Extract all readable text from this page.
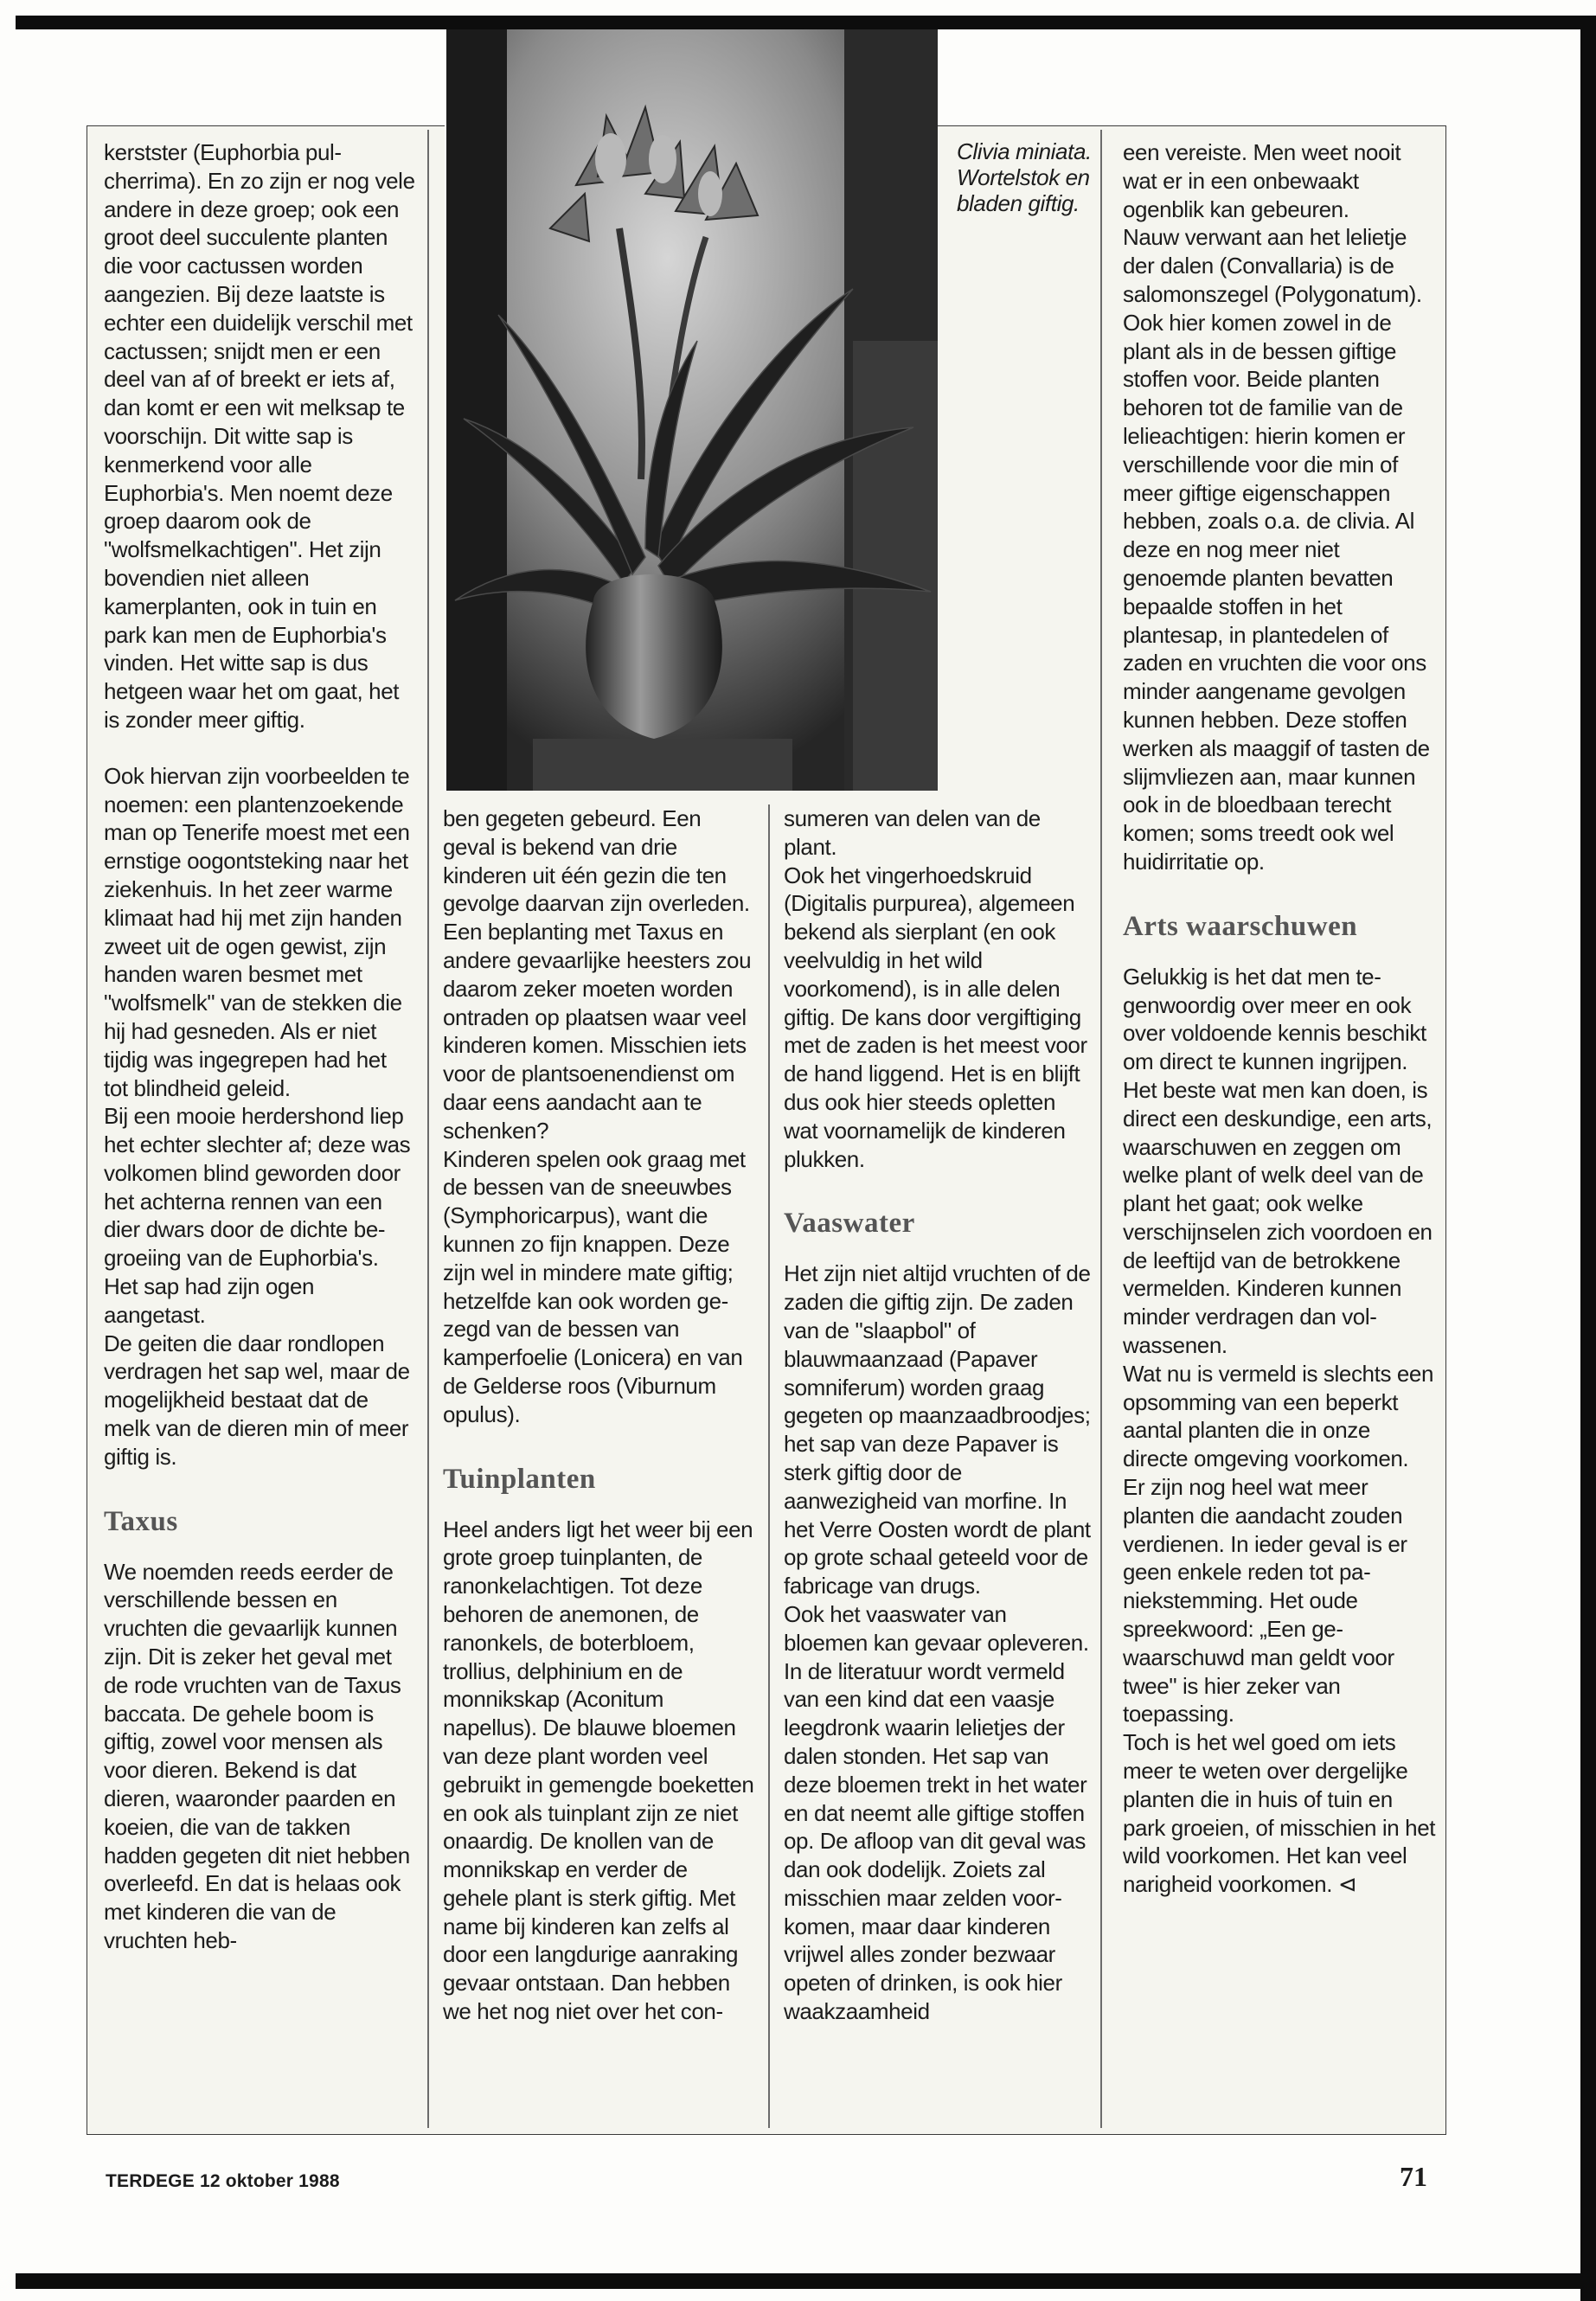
Clivia miniata. Wortelstok en bladen giftig.

kerstster (Euphorbia pulcherrima). En zo zijn er nog vele andere in deze groep; ook een groot deel succulente planten die voor cactussen worden aangezien. Bij deze laatste is echter een duidelijk verschil met cactussen; snijdt men er een deel van af of breekt er iets af, dan komt er een wit melksap te voorschijn. Dit witte sap is kenmerkend voor alle Euphorbia's. Men noemt deze groep daarom ook de "wolfsmelkachtigen". Het zijn bovendien niet alleen kamerplanten, ook in tuin en park kan men de Euphorbia's vinden. Het witte sap is dus hetgeen waar het om gaat, het is zonder meer giftig.

Ook hiervan zijn voorbeelden te noemen: een plantenzoekende man op Tenerife moest met een ernstige oogontsteking naar het ziekenhuis. In het zeer warme klimaat had hij met zijn handen zweet uit de ogen gewist, zijn handen waren besmet met "wolfsmelk" van de stekken die hij had gesneden. Als er niet tijdig was ingegrepen had het tot blindheid geleid.

Bij een mooie herdershond liep het echter slechter af; deze was volkomen blind geworden door het achterna rennen van een dier dwars door de dichte begroeiing van de Euphorbia's. Het sap had zijn ogen aangetast.

De geiten die daar rondlopen verdragen het sap wel, maar de mogelijkheid bestaat dat de melk van de dieren min of meer giftig is.

Taxus

We noemden reeds eerder de verschillende bessen en vruchten die gevaarlijk kunnen zijn. Dit is zeker het geval met de rode vruchten van de Taxus baccata. De gehele boom is giftig, zowel voor mensen als voor dieren. Bekend is dat dieren, waaronder paarden en koeien, die van de takken hadden gegeten dit niet hebben overleefd. En dat is helaas ook met kinderen die van de vruchten heb-

ben gegeten gebeurd. Een geval is bekend van drie kinderen uit één gezin die ten gevolge daarvan zijn overleden. Een beplanting met Taxus en andere gevaarlijke heesters zou daarom zeker moeten worden ontraden op plaatsen waar veel kinderen komen. Misschien iets voor de plantsoenendienst om daar eens aandacht aan te schenken?

Kinderen spelen ook graag met de bessen van de sneeuwbes (Symphoricarpus), want die kunnen zo fijn knappen. Deze zijn wel in mindere mate giftig; hetzelfde kan ook worden gezegd van de bessen van kamperfoelie (Lonicera) en van de Gelderse roos (Viburnum opulus).

Tuinplanten

Heel anders ligt het weer bij een grote groep tuinplanten, de ranonkelachtigen. Tot deze behoren de anemonen, de ranonkels, de boterbloem, trollius, delphinium en de monnikskap (Aconitum napellus). De blauwe bloemen van deze plant worden veel gebruikt in gemengde boeketten en ook als tuinplant zijn ze niet onaardig. De knollen van de monnikskap en verder de gehele plant is sterk giftig. Met name bij kinderen kan zelfs al door een langdurige aanraking gevaar ontstaan. Dan hebben we het nog niet over het con-

sumeren van delen van de plant.

Ook het vingerhoedskruid (Digitalis purpurea), algemeen bekend als sierplant (en ook veelvuldig in het wild voorkomend), is in alle delen giftig. De kans door vergiftiging met de zaden is het meest voor de hand liggend. Het is en blijft dus ook hier steeds opletten wat voornamelijk de kinderen plukken.

Vaaswater

Het zijn niet altijd vruchten of de zaden die giftig zijn. De zaden van de "slaapbol" of blauwmaanzaad (Papaver somniferum) worden graag gegeten op maanzaadbroodjes; het sap van deze Papaver is sterk giftig door de aanwezigheid van morfine. In het Verre Oosten wordt de plant op grote schaal geteeld voor de fabricage van drugs.

Ook het vaaswater van bloemen kan gevaar opleveren. In de literatuur wordt vermeld van een kind dat een vaasje leegdronk waarin lelietjes der dalen stonden. Het sap van deze bloemen trekt in het water en dat neemt alle giftige stoffen op. De afloop van dit geval was dan ook dodelijk. Zoiets zal misschien maar zelden voorkomen, maar daar kinderen vrijwel alles zonder bezwaar opeten of drinken, is ook hier waakzaamheid

een vereiste. Men weet nooit wat er in een onbewaakt ogenblik kan gebeuren.

Nauw verwant aan het lelietje der dalen (Convallaria) is de salomonszegel (Polygonatum). Ook hier komen zowel in de plant als in de bessen giftige stoffen voor. Beide planten behoren tot de familie van de lelieachtigen: hierin komen er verschillende voor die min of meer giftige eigenschappen hebben, zoals o.a. de clivia. Al deze en nog meer niet genoemde planten bevatten bepaalde stoffen in het plantesap, in plantedelen of zaden en vruchten die voor ons minder aangename gevolgen kunnen hebben. Deze stoffen werken als maaggif of tasten de slijmvliezen aan, maar kunnen ook in de bloedbaan terecht komen; soms treedt ook wel huidirritatie op.

Arts waarschuwen

Gelukkig is het dat men tegenwoordig over meer en ook over voldoende kennis beschikt om direct te kunnen ingrijpen. Het beste wat men kan doen, is direct een deskundige, een arts, waarschuwen en zeggen om welke plant of welk deel van de plant het gaat; ook welke verschijnselen zich voordoen en de leeftijd van de betrokkene vermelden. Kinderen kunnen minder verdragen dan volwassenen.

Wat nu is vermeld is slechts een opsomming van een beperkt aantal planten die in onze directe omgeving voorkomen. Er zijn nog heel wat meer planten die aandacht zouden verdienen. In ieder geval is er geen enkele reden tot paniekstemming. Het oude spreekwoord: „Een gewaarschuwd man geldt voor twee" is hier zeker van toepassing.

Toch is het wel goed om iets meer te weten over dergelijke planten die in huis of tuin en park groeien, of misschien in het wild voorkomen. Het kan veel narigheid voorkomen. ⊲

TERDEGE 12 oktober 1988	71
